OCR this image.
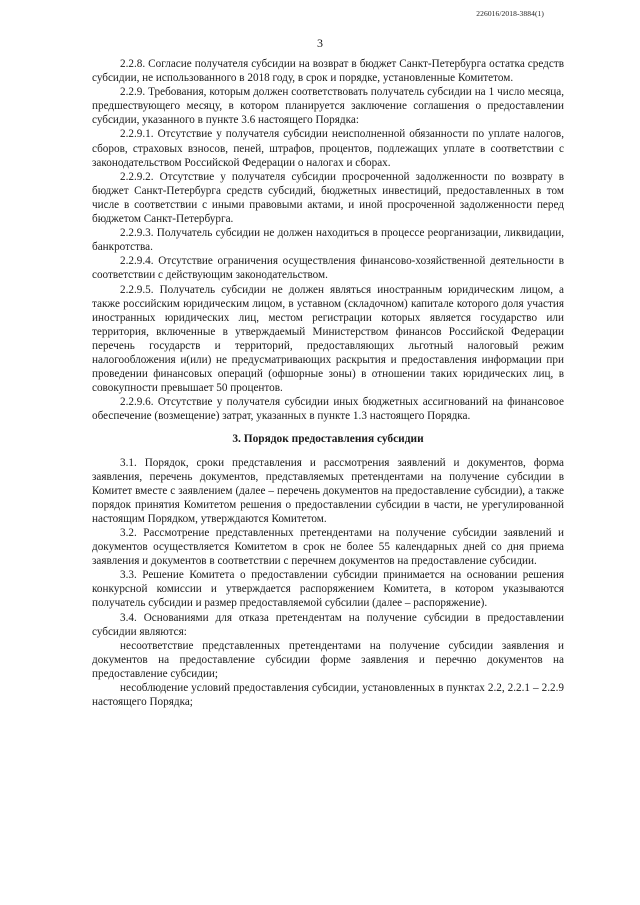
226016/2018-3884(1)
3

2.2.8. Согласие получателя субсидии на возврат в бюджет Санкт-Петербурга остатка средств субсидии, не использованного в 2018 году, в срок и порядке, установленные Комитетом.

2.2.9. Требования, которым должен соответствовать получатель субсидии на 1 число месяца, предшествующего месяцу, в котором планируется заключение соглашения о предоставлении субсидии, указанного в пункте 3.6 настоящего Порядка:

2.2.9.1. Отсутствие у получателя субсидии неисполненной обязанности по уплате налогов, сборов, страховых взносов, пеней, штрафов, процентов, подлежащих уплате в соответствии с законодательством Российской Федерации о налогах и сборах.

2.2.9.2. Отсутствие у получателя субсидии просроченной задолженности по возврату в бюджет Санкт-Петербурга средств субсидий, бюджетных инвестиций, предоставленных в том числе в соответствии с иными правовыми актами, и иной просроченной задолженности перед бюджетом Санкт-Петербурга.

2.2.9.3. Получатель субсидии не должен находиться в процессе реорганизации, ликвидации, банкротства.

2.2.9.4. Отсутствие ограничения осуществления финансово-хозяйственной деятельности в соответствии с действующим законодательством.

2.2.9.5. Получатель субсидии не должен являться иностранным юридическим лицом, а также российским юридическим лицом, в уставном (складочном) капитале которого доля участия иностранных юридических лиц, местом регистрации которых является государство или территория, включенные в утверждаемый Министерством финансов Российской Федерации перечень государств и территорий, предоставляющих льготный налоговый режим налогообложения и(или) не предусматривающих раскрытия и предоставления информации при проведении финансовых операций (офшорные зоны) в отношении таких юридических лиц, в совокупности превышает 50 процентов.

2.2.9.6. Отсутствие у получателя субсидии иных бюджетных ассигнований на финансовое обеспечение (возмещение) затрат, указанных в пункте 1.3 настоящего Порядка.

3. Порядок предоставления субсидии

3.1. Порядок, сроки представления и рассмотрения заявлений и документов, форма заявления, перечень документов, представляемых претендентами на получение субсидии в Комитет вместе с заявлением (далее – перечень документов на предоставление субсидии), а также порядок принятия Комитетом решения о предоставлении субсидии в части, не урегулированной настоящим Порядком, утверждаются Комитетом.

3.2. Рассмотрение представленных претендентами на получение субсидии заявлений и документов осуществляется Комитетом в срок не более 55 календарных дней со дня приема заявления и документов в соответствии с перечнем документов на предоставление субсидии.

3.3. Решение Комитета о предоставлении субсидии принимается на основании решения конкурсной комиссии и утверждается распоряжением Комитета, в котором указываются получатель субсидии и размер предоставляемой субсилии (далее – распоряжение).

3.4. Основаниями для отказа претендентам на получение субсидии в предоставлении субсидии являются:

несоответствие представленных претендентами на получение субсидии заявления и документов на предоставление субсидии форме заявления и перечню документов на предоставление субсидии;

несоблюдение условий предоставления субсидии, установленных в пунктах 2.2, 2.2.1 – 2.2.9 настоящего Порядка;
